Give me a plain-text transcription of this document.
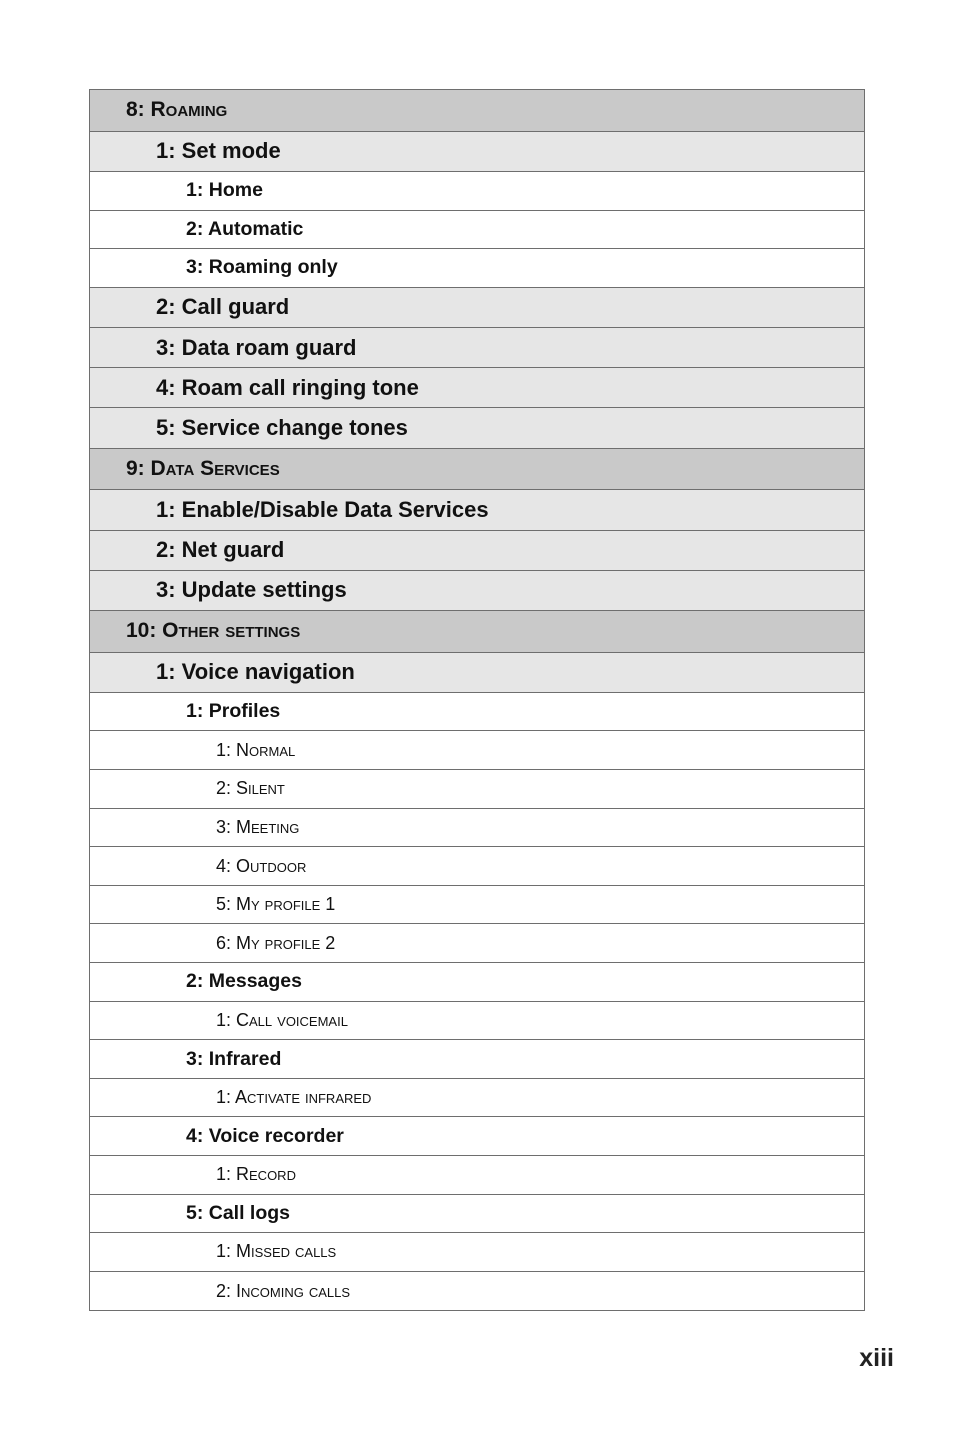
8: Roaming
1: Set mode
1: Home
2: Automatic
3: Roaming only
2: Call guard
3: Data roam guard
4: Roam call ringing tone
5: Service change tones
9: Data Services
1: Enable/Disable Data Services
2: Net guard
3: Update settings
10: Other settings
1: Voice navigation
1: Profiles
1: Normal
2: Silent
3: Meeting
4: Outdoor
5: My profile 1
6: My profile 2
2: Messages
1: Call voicemail
3: Infrared
1: Activate infrared
4: Voice recorder
1: Record
5: Call logs
1: Missed calls
2: Incoming calls
xiii
